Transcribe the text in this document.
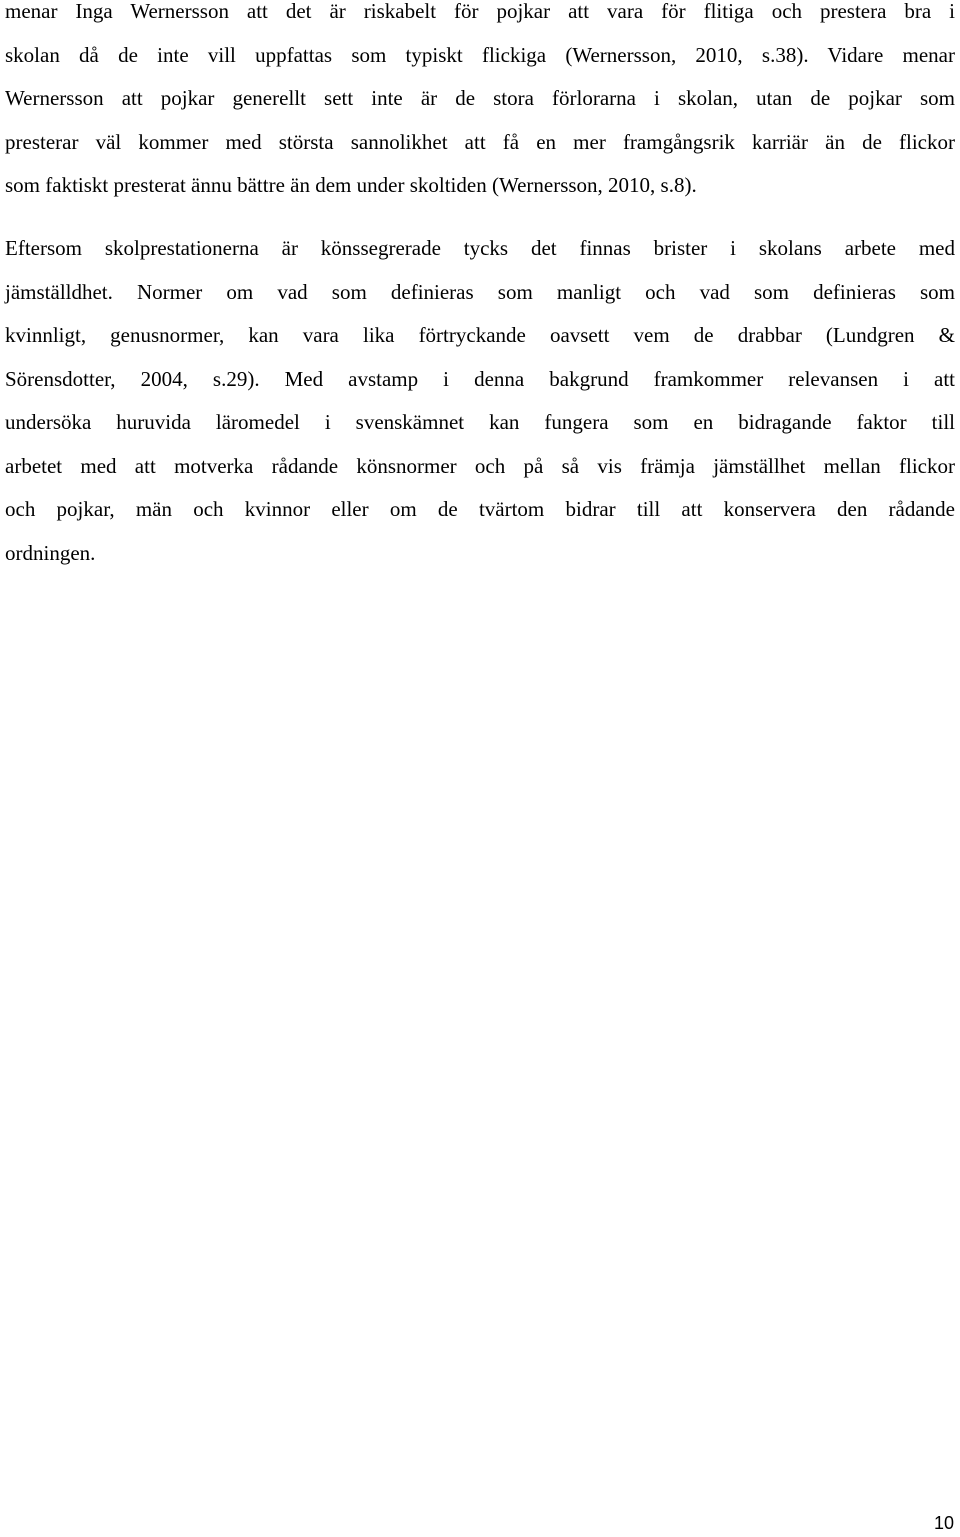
menar Inga Wernersson att det är riskabelt för pojkar att vara för flitiga och prestera bra i
skolan då de inte vill uppfattas som typiskt flickiga (Wernersson, 2010, s.38). Vidare menar
Wernersson att pojkar generellt sett inte är de stora förlorarna i skolan, utan de pojkar som
presterar väl kommer med största sannolikhet att få en mer framgångsrik karriär än de flickor
som faktiskt presterat ännu bättre än dem under skoltiden (Wernersson, 2010, s.8).
Eftersom skolprestationerna är könssegrerade tycks det finnas brister i skolans arbete med
jämställdhet. Normer om vad som definieras som manligt och vad som definieras som
kvinnligt, genusnormer, kan vara lika förtryckande oavsett vem de drabbar (Lundgren &
Sörensdotter, 2004, s.29). Med avstamp i denna bakgrund framkommer relevansen i att
undersöka huruvida läromedel i svenskämnet kan fungera som en bidragande faktor till
arbetet med att motverka rådande könsnormer och på så vis främja jämställhet mellan flickor
och pojkar, män och kvinnor eller om de tvärtom bidrar till att konservera den rådande
ordningen.
10
